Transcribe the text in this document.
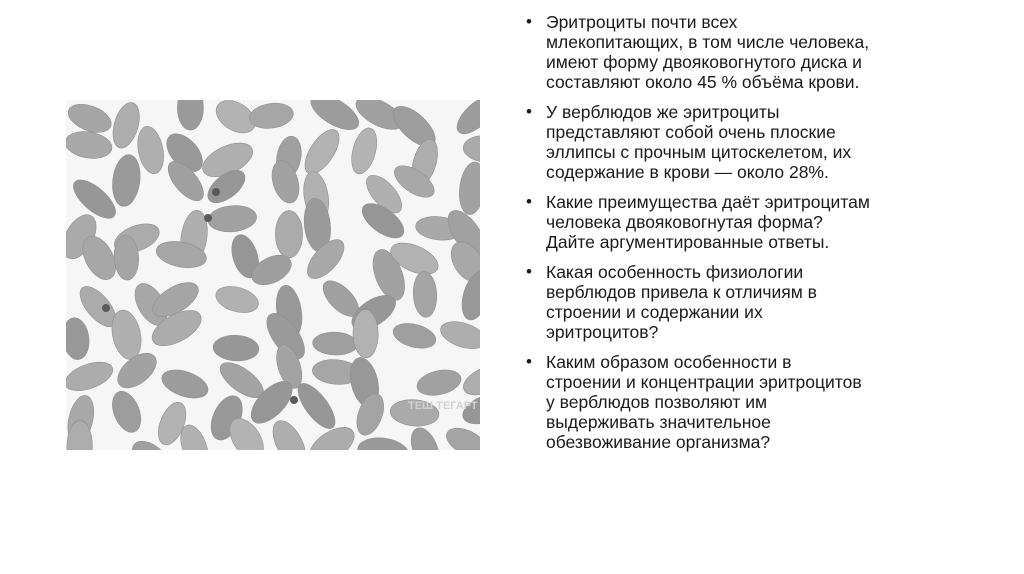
ТЕШ ТЕГАРТ
• Эритроциты почти всех
млекопитающих, в том числе человека,
имеют форму двояковогнутого диска и
составляют около 45 % объёма крови.
• У верблюдов же эритроциты
представляют собой очень плоские
эллипсы с прочным цитоскелетом, их
содержание в крови — около 28%.
• Какие преимущества даёт эритроцитам
человека двояковогнутая форма?
Дайте аргументированные ответы.
• Какая особенность физиологии
верблюдов привела к отличиям в
строении и содержании их
эритроцитов?
• Каким образом особенности в
строении и концентрации эритроцитов
у верблюдов позволяют им
выдерживать значительное
обезвоживание организма?
